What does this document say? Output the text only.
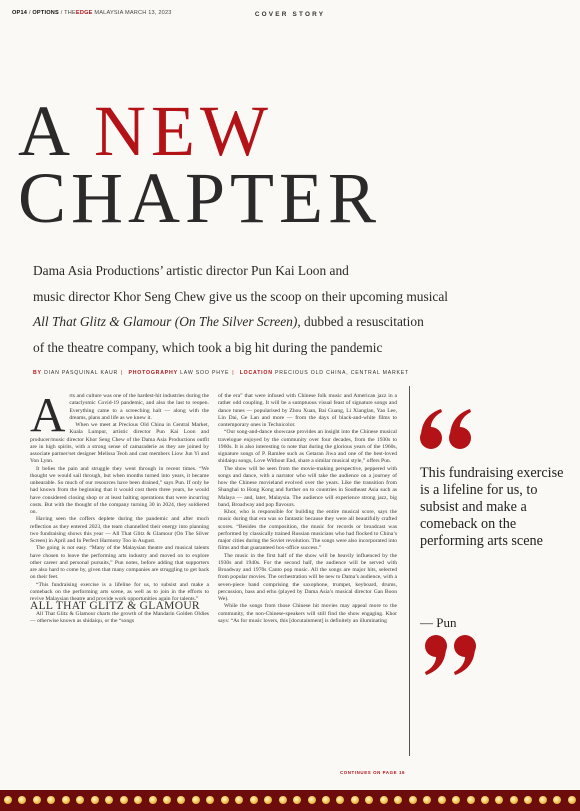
OP14 / OPTIONS / THEEDGE MALAYSIA MARCH 13, 2023	COVER STORY
A NEW
CHAPTER

Dama Asia Productions’ artistic director Pun Kai Loon and

music director Khor Seng Chew give us the scoop on their upcoming musical

All That Glitz & Glamour (On The Silver Screen), dubbed a resuscitation

of the theatre company, which took a big hit during the pandemic

BY DIAN PASQUINAL KAUR | PHOTOGRAPHY LAW SOO PHYE | LOCATION PRECIOUS OLD CHINA, CENTRAL MARKET

Arts and culture was one of the hardest-hit industries during the cataclysmic Covid-19 pandemic, and also the last to reopen. Everything came to a screeching halt — along with the dreams, plans and life as we knew it.

When we meet at Precious Old China in Central Market, Kuala Lumpur, artistic director Pun Kai Loon and producer/music director Khor Seng Chew of the Dama Asia Productions outfit are in high spirits, with a strong sense of camaraderie as they are joined by associate partner/set designer Melissa Teoh and cast members Liow Jun Yi and Yon Lynn.

It belies the pain and struggle they went through in recent times. “We thought we would sail through, but when months turned into years, it became unbearable. So much of our resources have been drained,” says Pun. If only he had known from the beginning that it would cost them three years, he would have considered closing shop or at least halting operations that were incurring costs. But with the thought of the company turning 30 in 2024, they soldiered on.

Having seen the coffers deplete during the pandemic and after much reflection as they entered 2023, the team channelled their energy into planning two fundraising shows this year — All That Glitz & Glamour (On The Silver Screen) in April and In Perfect Harmony Too in August.

The going is not easy. “Many of the Malaysian theatre and musical talents have chosen to leave the performing arts industry and moved on to explore other career and personal pursuits,” Pun notes, before adding that supporters are also hard to come by, given that many companies are struggling to get back on their feet.

“This fundraising exercise is a lifeline for us, to subsist and make a comeback on the performing arts scene, as well as to join in the efforts to revive Malaysian theatre and provide work opportunities again for talents.”

ALL THAT GLITZ & GLAMOUR

All That Glitz & Glamour charts the growth of the Mandarin Golden Oldies — otherwise known as shidaiqu, or the “songs

of the era” that were infused with Chinese folk music and American jazz in a rather odd coupling. It will be a sumptuous visual feast of signature songs and dance tunes — popularised by Zhou Xuan, Bai Guang, Li Xianglan, Yao Lee, Lin Dai, Ge Lan and more — from the days of black-and-white films to contemporary ones in Technicolor.

“Our song-and-dance showcase provides an insight into the Chinese musical travelogue enjoyed by the community over four decades, from the 1930s to 1960s. It is also interesting to note that during the glorious years of the 1960s, signature songs of P. Ramlee such as Getaran Jiwa and one of the best-loved shidaiqu songs, Love Without End, share a similar musical style,” offers Pun.

The show will be seen from the movie-making perspective, peppered with songs and dance, with a narrator who will take the audience on a journey of how the Chinese movieland evolved over the years. Like the transition from Shanghai to Hong Kong and further on to countries in Southeast Asia such as Malaya — and, later, Malaysia. The audience will experience strong jazz, big band, Broadway and pop flavours.

Khor, who is responsible for building the entire musical score, says the music during that era was so fantastic because they were all beautifully crafted scores. “Besides the composition, the music for records or broadcast was performed by classically trained Russian musicians who had flocked to China’s major cities during the Soviet revolution. The songs were also incorporated into films and that guaranteed box-office success.”

The music in the first half of the show will be heavily influenced by the 1930s and 1940s. For the second half, the audience will be served with Broadway and 1970s Canto pop music. All the songs are major hits, selected from popular movies. The orchestration will be new to Dama’s audience, with a seven-piece band comprising the saxophone, trumpet, keyboard, drums, percussion, bass and erhu (played by Dama Asia’s musical director Gan Boon We).

While the songs from those Chinese hit movies may appeal more to the community, the non-Chinese-speakers will still find the show engaging. Khor says: “As for music lovers, this [docutainment] is definitely an illuminating

CONTINUES ON PAGE 16

This fundraising exercise is a lifeline for us, to subsist and make a comeback on the performing arts scene

— Pun
